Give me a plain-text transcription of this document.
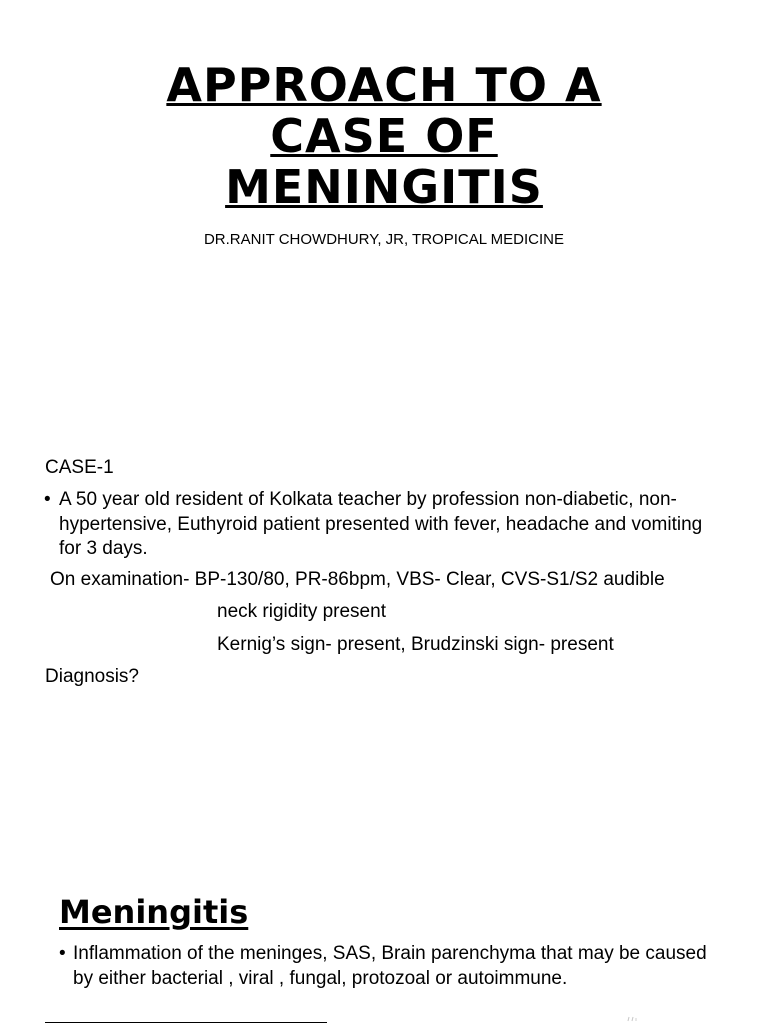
APPROACH TO A
CASE OF
MENINGITIS
DR.RANIT CHOWDHURY, JR, TROPICAL MEDICINE
CASE-1
• A 50 year old resident of Kolkata teacher by profession non-diabetic, non-hypertensive, Euthyroid patient presented with fever, headache and vomiting for 3 days.
On examination- BP-130/80, PR-86bpm, VBS- Clear, CVS-S1/S2 audible
neck rigidity present
Kernig’s sign- present, Brudzinski sign- present
Diagnosis?
Meningitis
• Inflammation of the meninges, SAS, Brain parenchyma that may be caused by either bacterial , viral , fungal, protozoal or autoimmune.
